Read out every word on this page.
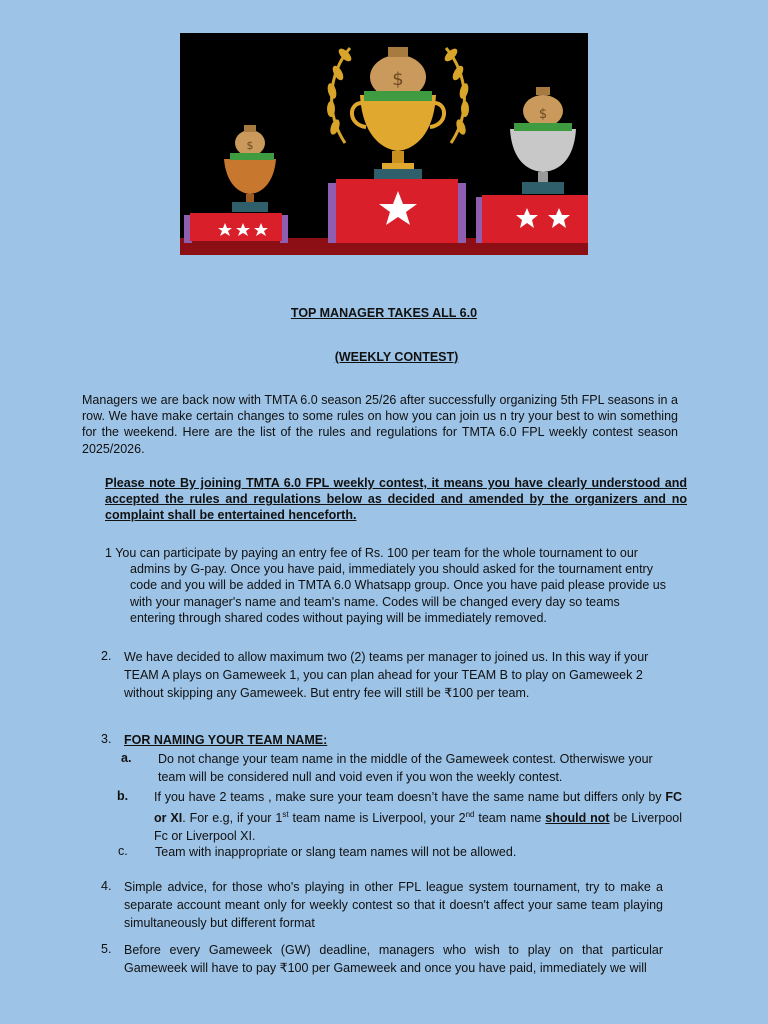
$
$
$
TOP MANAGER TAKES ALL 6.0
(WEEKLY CONTEST)
Managers we are back now with TMTA 6.0 season 25/26 after successfully organizing 5th FPL seasons in a row. We have make certain changes to some rules on how you can join us n try your best to win something for the weekend. Here are the list of the rules and regulations for TMTA 6.0 FPL weekly contest season 2025/2026.
Please note By joining TMTA 6.0 FPL weekly contest, it means you have clearly understood and accepted the rules and regulations below as decided and amended by the organizers and no complaint shall be entertained henceforth.
1 You can participate by paying an entry fee of Rs. 100 per team for the whole tournament to our
admins by G-pay. Once you have paid, immediately you should asked for the tournament entry code and you will be added in TMTA 6.0 Whatsapp group. Once you have paid please provide us with your manager's name and team's name. Codes will be changed every day so teams entering through shared codes without paying will be immediately removed.
2. We have decided to allow maximum two (2) teams per manager to joined us. In this way if your TEAM A plays on Gameweek 1, you can plan ahead for your TEAM B to play on Gameweek 2 without skipping any Gameweek. But entry fee will still be ₹100 per team.
3. FOR NAMING YOUR TEAM NAME:
a. Do not change your team name in the middle of the Gameweek contest. Otherwiswe your team will be considered null and void even if you won the weekly contest.
b. If you have 2 teams , make sure your team doesn’t have the same name but differs only by FC or XI. For e.g, if your 1st team name is Liverpool, your 2nd team name should not be Liverpool Fc or Liverpool XI.
c. Team with inappropriate or slang team names will not be allowed.
4. Simple advice, for those who's playing in other FPL league system tournament, try to make a separate account meant only for weekly contest so that it doesn't affect your same team playing simultaneously but different format
5. Before every Gameweek (GW) deadline, managers who wish to play on that particular Gameweek will have to pay ₹100 per Gameweek and once you have paid, immediately we will
